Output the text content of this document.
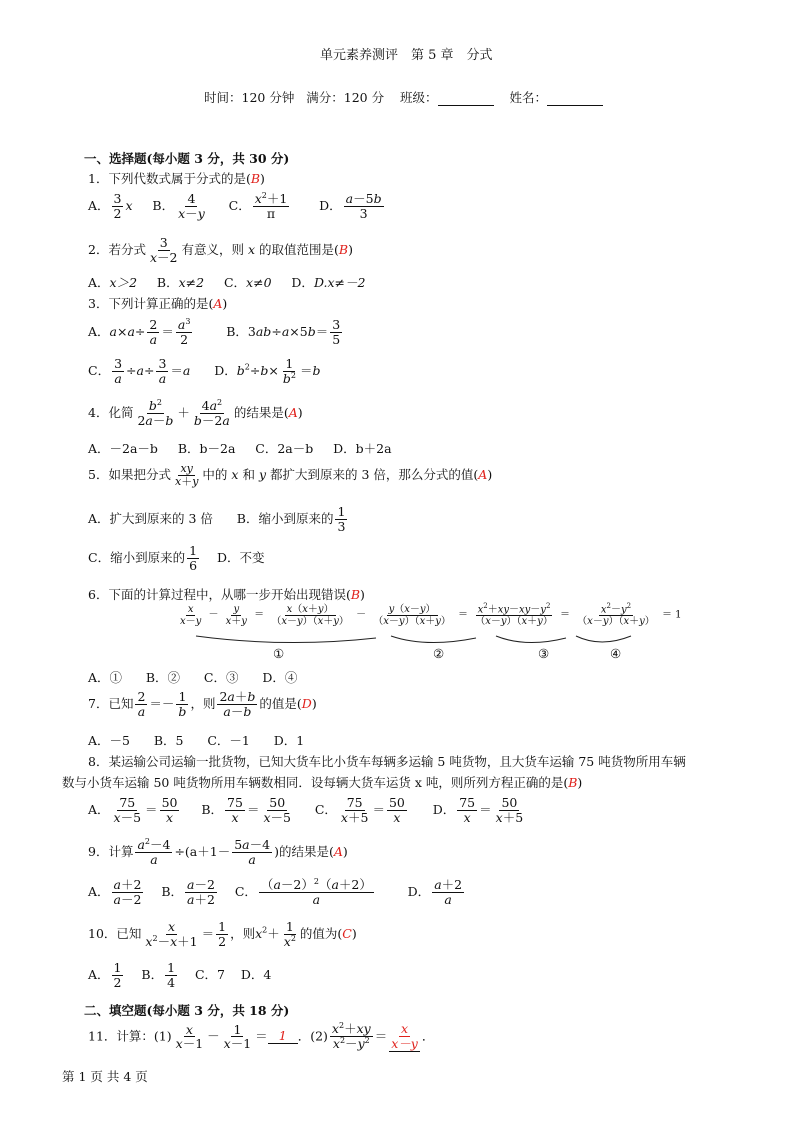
单元素养测评　第 5 章　分式
时间：120 分钟 满分：120 分 班级：	姓名：
一、选择题(每小题 3 分，共 30 分)
1．下列代数式属于分式的是(B)
A． $\frac{3}{2}$ x B． $\frac{4}{x-y}$ C． $\frac{x^2+1}{\pi}$ D． $\frac{a-5b}{3}$
2．若分式 $\frac{3}{x-2}$ 有意义，则 x 的取值范围是(B)
A．x＞2 B．x≠2 C．x≠0 D．D.x≠－2
3．下列计算正确的是(A)
A．$a\times a\div \frac{2}{a} = \frac{a^3}{2}$ B．$3ab\div a\times 5b= \frac{3}{5}$
C． $\frac{3}{a} \div a\div \frac{3}{a} =a$      D．$b^2\div b\times \frac{1}{b^2} =b$
4．化简 $\frac{b^2}{2a-b} + \frac{4a^2}{b-2a}$ 的结果是(A)
A．－2a－b B．b－2a C．2a－b D．b＋2a
5．如果把分式 $\frac{xy}{x+y}$ 中的 x 和 y 都扩大到原来的 3 倍，那么分式的值(A)
A．扩大到原来的 3 倍 B．缩小到原来的 $\frac{1}{3}$
C．缩小到原来的 $\frac{1}{6}$ D．不变
6．下面的计算过程中，从哪一步开始出现错误(B)
$\frac{x}{x-y} - \frac{y}{x+y} = \frac{x(x+y)}{(x-y)(x+y)} - \frac{y(x-y)}{(x-y)(x+y)} = \frac{x^2+xy-xy-y^2}{(x-y)(x+y)} = \frac{x^2-y^2}{(x-y)(x+y)} = 1$
①	②	③	④
A．① B．② C．③ D．④
7．已知 $\frac{2}{a} =- \frac{1}{b}$ ，则 $\frac{2a+b}{a-b}$ 的值是(D)
A．－5 B．5 C．－1 D．1
8．某运输公司运输一批货物，已知大货车比小货车每辆多运输 5 吨货物，且大货车运输 75 吨货物所用车辆
数与小货车运输 50 吨货物所用车辆数相同．设每辆大货车运货 x 吨，则所列方程正确的是(B)
A． $\frac{75}{x-5} = \frac{50}{x}$ B． $\frac{75}{x} = \frac{50}{x-5}$ C． $\frac{75}{x+5} = \frac{50}{x}$ D． $\frac{75}{x} = \frac{50}{x+5}$
9．计算 $\frac{a^2-4}{a} \div(a+1- \frac{5a-4}{a}$ )的结果是(A)
A． $\frac{a+2}{a-2}$ B． $\frac{a-2}{a+2}$ C． $\frac{(a-2)^2(a+2)}{a}$	D． $\frac{a+2}{a}$
10．已知 $\frac{x}{x^2-x+1} = \frac{1}{2}$ ，则$x^2+ \frac{1}{x^2}$ 的值为(C)
A． $\frac{1}{2}$ B． $\frac{1}{4}$ C．7 D．4
二、填空题(每小题 3 分，共 18 分)
11．计算：$(1) \frac{x}{x-1} - \frac{1}{x-1} = 1$ ．$(2) \frac{x^2+xy}{x^2-y^2} = \frac{x}{x-y}$ ．
第 1 页 共 4 页
